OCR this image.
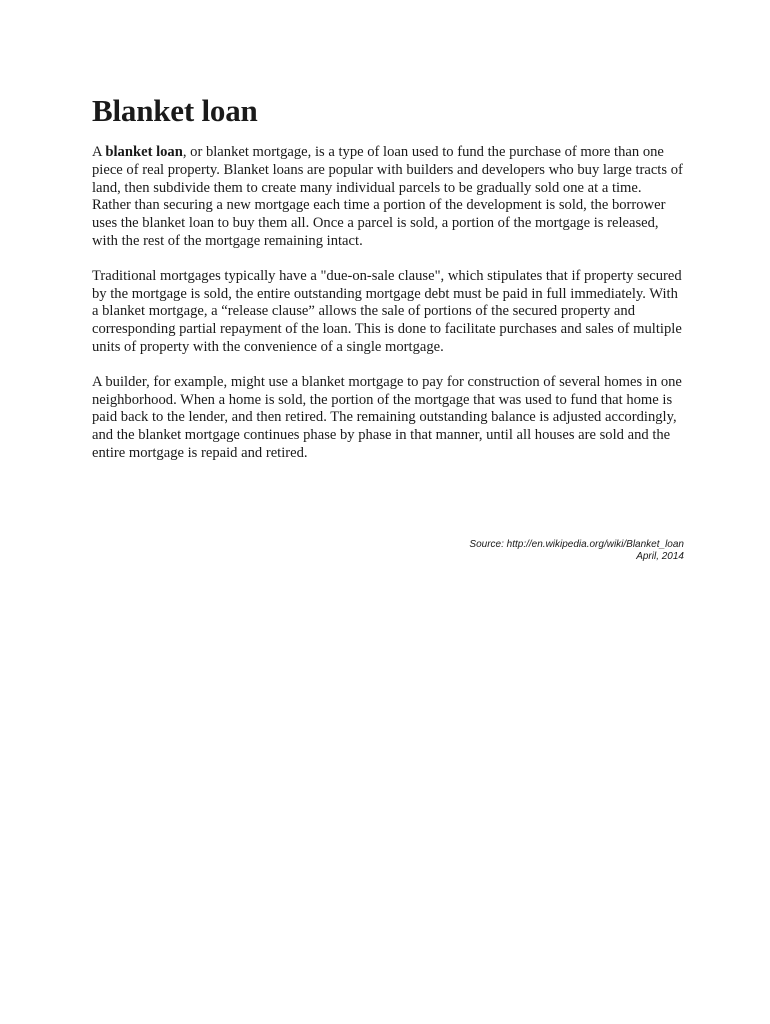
Blanket loan

A blanket loan, or blanket mortgage, is a type of loan used to fund the purchase of more than one piece of real property. Blanket loans are popular with builders and developers who buy large tracts of land, then subdivide them to create many individual parcels to be gradually sold one at a time. Rather than securing a new mortgage each time a portion of the development is sold, the borrower uses the blanket loan to buy them all. Once a parcel is sold, a portion of the mortgage is released, with the rest of the mortgage remaining intact.

Traditional mortgages typically have a "due-on-sale clause", which stipulates that if property secured by the mortgage is sold, the entire outstanding mortgage debt must be paid in full immediately. With a blanket mortgage, a “release clause” allows the sale of portions of the secured property and corresponding partial repayment of the loan. This is done to facilitate purchases and sales of multiple units of property with the convenience of a single mortgage.

A builder, for example, might use a blanket mortgage to pay for construction of several homes in one neighborhood. When a home is sold, the portion of the mortgage that was used to fund that home is paid back to the lender, and then retired. The remaining outstanding balance is adjusted accordingly, and the blanket mortgage continues phase by phase in that manner, until all houses are sold and the entire mortgage is repaid and retired.

Source: http://en.wikipedia.org/wiki/Blanket_loan
April, 2014
